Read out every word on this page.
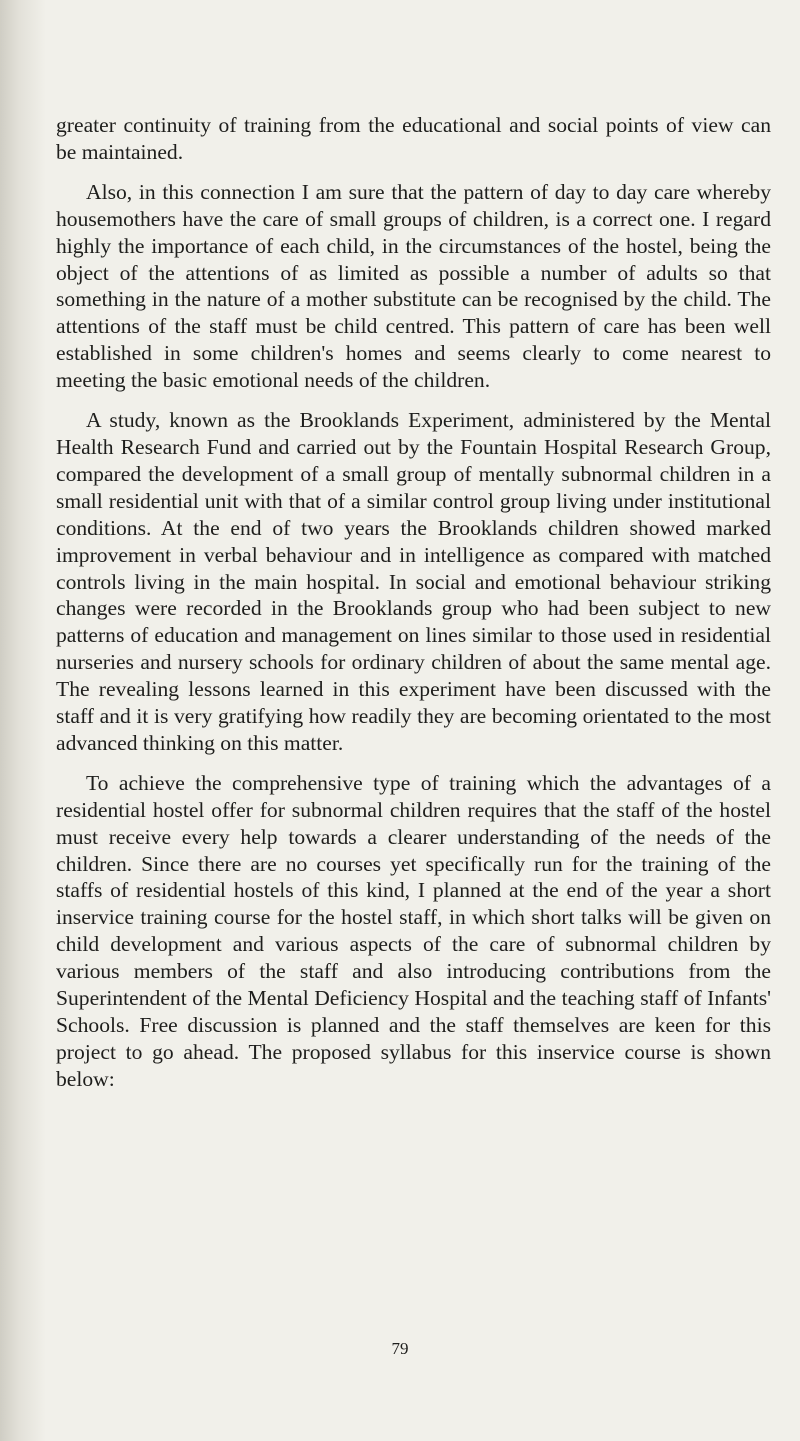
greater continuity of training from the educational and social points of view can be maintained.

Also, in this connection I am sure that the pattern of day to day care whereby housemothers have the care of small groups of children, is a correct one. I regard highly the importance of each child, in the circumstances of the hostel, being the object of the attentions of as limited as possible a number of adults so that something in the nature of a mother substitute can be recognised by the child. The attentions of the staff must be child centred. This pattern of care has been well established in some children's homes and seems clearly to come nearest to meeting the basic emotional needs of the children.

A study, known as the Brooklands Experiment, administered by the Mental Health Research Fund and carried out by the Fountain Hospital Research Group, compared the development of a small group of mentally subnormal children in a small residential unit with that of a similar control group living under institutional conditions. At the end of two years the Brooklands children showed marked improvement in verbal behaviour and in intelligence as compared with matched controls living in the main hospital. In social and emotional behaviour striking changes were recorded in the Brooklands group who had been subject to new patterns of education and management on lines similar to those used in residential nurseries and nursery schools for ordinary children of about the same mental age. The revealing lessons learned in this experiment have been discussed with the staff and it is very gratifying how readily they are becoming orientated to the most advanced thinking on this matter.

To achieve the comprehensive type of training which the advantages of a residential hostel offer for subnormal children requires that the staff of the hostel must receive every help towards a clearer understanding of the needs of the children. Since there are no courses yet specifically run for the training of the staffs of residential hostels of this kind, I planned at the end of the year a short inservice training course for the hostel staff, in which short talks will be given on child development and various aspects of the care of subnormal children by various members of the staff and also introducing contributions from the Superintendent of the Mental Deficiency Hospital and the teaching staff of Infants' Schools. Free discussion is planned and the staff themselves are keen for this project to go ahead. The proposed syllabus for this inservice course is shown below:

79
